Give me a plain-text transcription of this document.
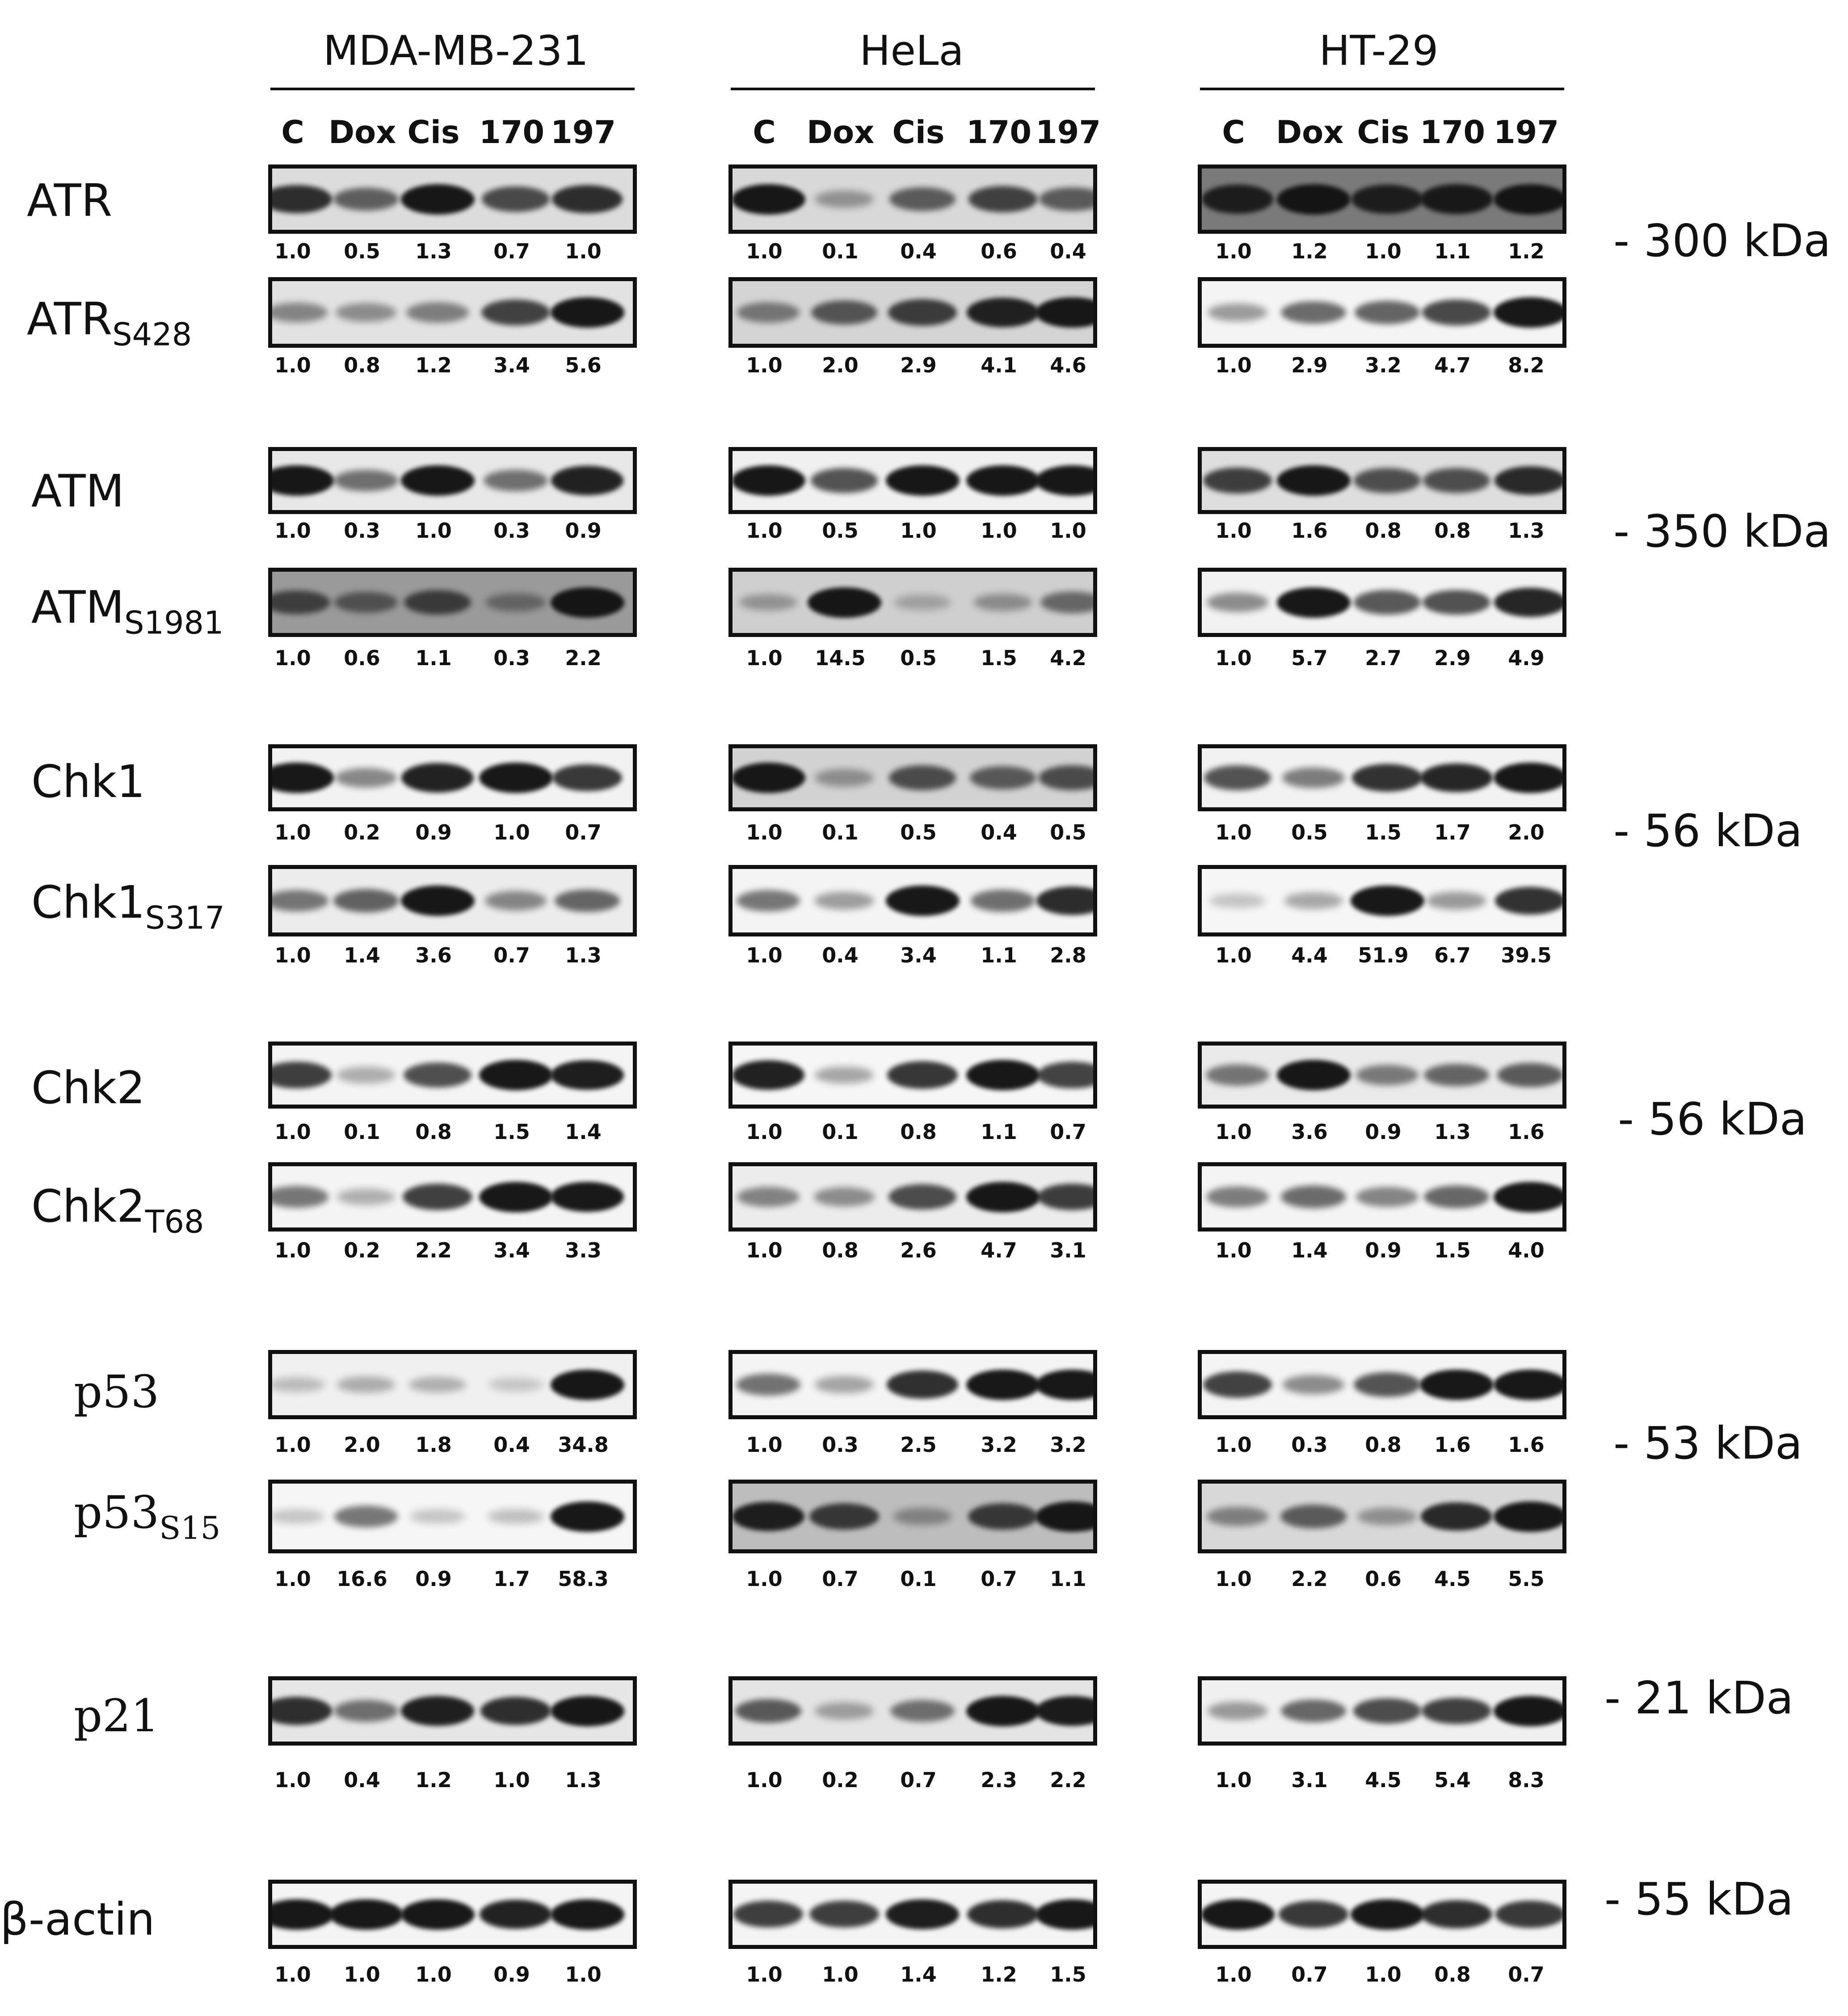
MDA-MB-231
C Dox Cis 170 197
HeLa
C Dox Cis 170 197
HT-29
C Dox Cis 170 197
ATR
1.0	0.5	1.3	0.7	1.0	1.0	0.1	0.4	0.6	0.4	1.0	1.2	1.0	1.1	1.2
$ATR_{S428}$
1.0	0.8	1.2	3.4	5.6	1.0	2.0	2.9	4.1	4.6	1.0	2.9	3.2	4.7	8.2
ATM
1.0	0.3	1.0	0.3	0.9	1.0	0.5	1.0	1.0	1.0	1.0	1.6	0.8	0.8	1.3
$ATM_{S1981}$
1.0	0.6	1.1	0.3	2.2	1.0	14.5	0.5	1.5	4.2	1.0	5.7	2.7	2.9	4.9
Chk1
1.0	0.2	0.9	1.0	0.7	1.0	0.1	0.5	0.4	0.5	1.0	0.5	1.5	1.7	2.0
$Chk1_{S317}$
1.0	1.4	3.6	0.7	1.3	1.0	0.4	3.4	1.1	2.8	1.0	4.4	51.9	6.7	39.5
Chk2
1.0	0.1	0.8	1.5	1.4	1.0	0.1	0.8	1.1	0.7	1.0	3.6	0.9	1.3	1.6
$Chk2_{T68}$
1.0	0.2	2.2	3.4	3.3	1.0	0.8	2.6	4.7	3.1	1.0	1.4	0.9	1.5	4.0
p53
1.0	2.0	1.8	0.4	34.8	1.0	0.3	2.5	3.2	3.2	1.0	0.3	0.8	1.6	1.6
$p53_{S15}$
1.0	16.6	0.9	1.7	58.3	1.0	0.7	0.1	0.7	1.1	1.0	2.2	0.6	4.5	5.5
p21
1.0	0.4	1.2	1.0	1.3	1.0	0.2	0.7	2.3	2.2	1.0	3.1	4.5	5.4	8.3
β-actin
1.0	1.0	1.0	0.9	1.0	1.0	1.0	1.4	1.2	1.5	1.0	0.7	1.0	0.8	0.7
- 300 kDa
- 350 kDa
- 56 kDa
- 56 kDa
- 53 kDa
- 21 kDa
- 55 kDa
